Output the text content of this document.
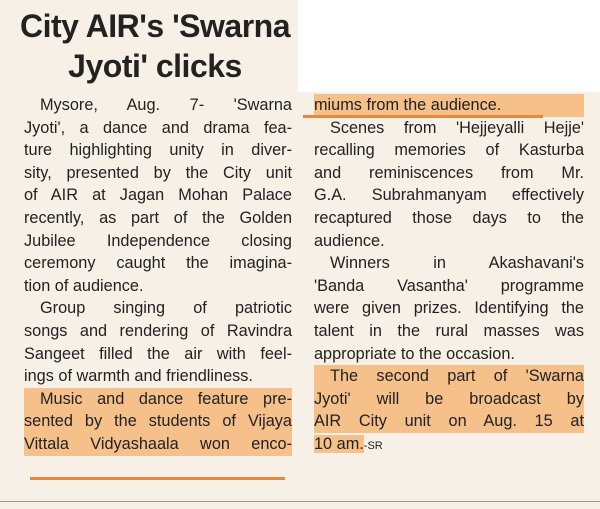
City AIR's 'Swarna
Jyoti' clicks
Mysore, Aug. 7- 'Swarna
Jyoti', a dance and drama fea-
ture highlighting unity in diver-
sity, presented by the City unit
of AIR at Jagan Mohan Palace
recently, as part of the Golden
Jubilee Independence closing
ceremony caught the imagina-
tion of audience.
Group singing of patriotic
songs and rendering of Ravindra
Sangeet filled the air with feel-
ings of warmth and friendliness.
Music and dance feature pre-
sented by the students of Vijaya
Vittala Vidyashaala won enco-
miums from the audience.
Scenes from 'Hejjeyalli Hejje'
recalling memories of Kasturba
and reminiscences from Mr.
G.A. Subrahmanyam effectively
recaptured those days to the
audience.
Winners in Akashavani's
'Banda Vasantha' programme
were given prizes. Identifying the
talent in the rural masses was
appropriate to the occasion.
The second part of 'Swarna
Jyoti' will be broadcast by
AIR City unit on Aug. 15 at
10 am.-SR
